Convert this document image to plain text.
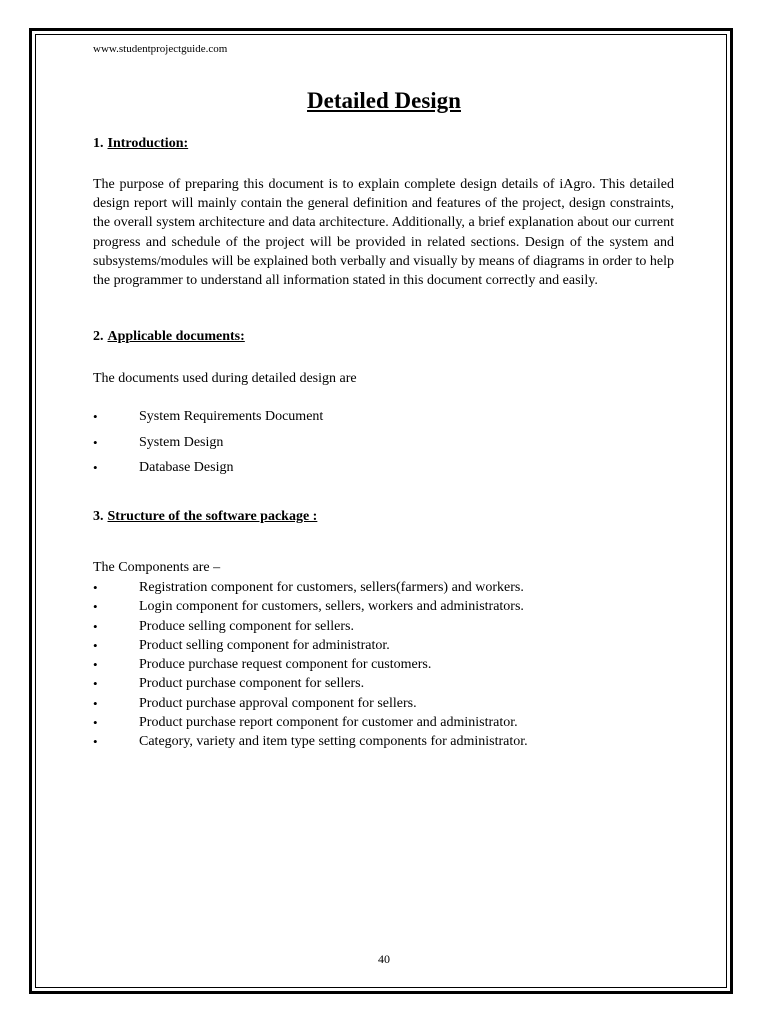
www.studentprojectguide.com
Detailed Design
1. Introduction:
The purpose of preparing this document is to explain complete design details of iAgro. This detailed design report will mainly contain the general definition and features of the project, design constraints, the overall system architecture and data architecture. Additionally, a brief explanation about our current progress and schedule of the project will be provided in related sections. Design of the system and subsystems/modules will be explained both verbally and visually by means of diagrams in order to help the programmer to understand all information stated in this document correctly and easily.
2. Applicable documents:
The documents used during detailed design are
•	System Requirements Document
•	System Design
•	Database Design
3. Structure of the software package :
The Components are –
•	Registration component for customers, sellers(farmers) and workers.
•	Login component for customers, sellers, workers and administrators.
•	Produce selling component for sellers.
•	Product selling component for administrator.
•	Produce purchase request component for customers.
•	Product purchase component for sellers.
•	Product purchase approval component for sellers.
•	Product purchase report component for customer and administrator.
•	Category, variety and item type setting components for administrator.
40
